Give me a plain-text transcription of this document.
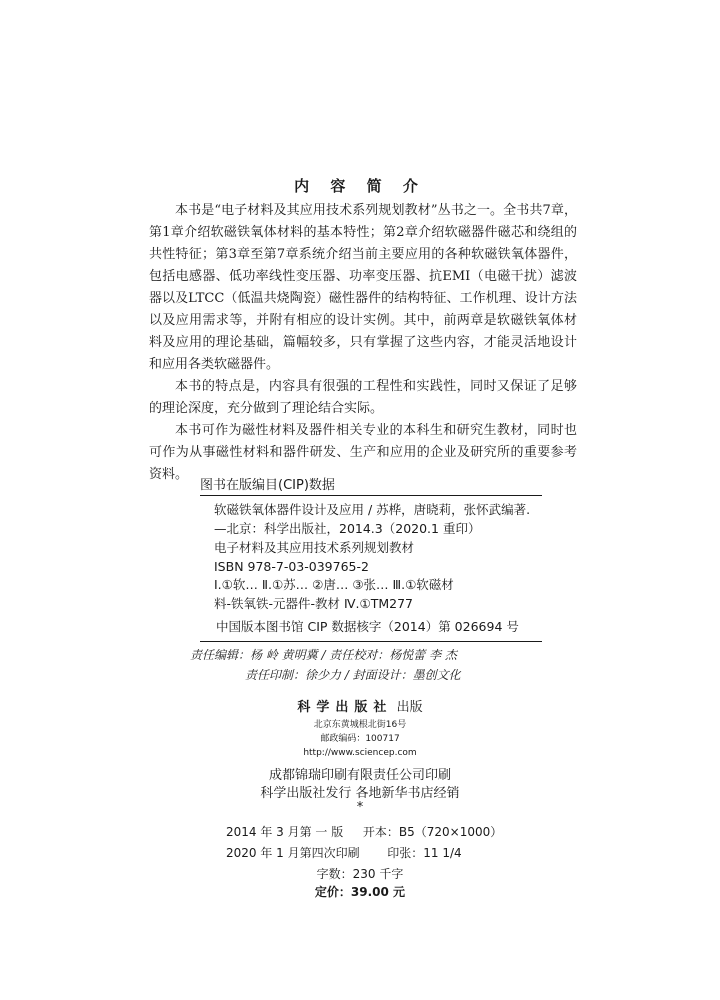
内 容 简 介

本书是“电子材料及其应用技术系列规划教材”丛书之一。全书共7章，第1章介绍软磁铁氧体材料的基本特性；第2章介绍软磁器件磁芯和绕组的共性特征；第3章至第7章系统介绍当前主要应用的各种软磁铁氧体器件，包括电感器、低功率线性变压器、功率变压器、抗EMI（电磁干扰）滤波器以及LTCC（低温共烧陶瓷）磁性器件的结构特征、工作机理、设计方法以及应用需求等，并附有相应的设计实例。其中，前两章是软磁铁氧体材料及应用的理论基础，篇幅较多，只有掌握了这些内容，才能灵活地设计和应用各类软磁器件。

本书的特点是，内容具有很强的工程性和实践性，同时又保证了足够的理论深度，充分做到了理论结合实际。

本书可作为磁性材料及器件相关专业的本科生和研究生教材，同时也可作为从事磁性材料和器件研发、生产和应用的企业及研究所的重要参考资料。

图书在版编目(CIP)数据
软磁铁氧体器件设计及应用 / 苏桦，唐晓莉，张怀武编著.
—北京：科学出版社，2014.3（2020.1 重印）
电子材料及其应用技术系列规划教材
ISBN 978-7-03-039765-2
Ⅰ.①软… Ⅱ.①苏… ②唐… ③张… Ⅲ.①软磁材
料-铁氧铁-元器件-教材 Ⅳ.①TM277
中国版本图书馆 CIP 数据核字（2014）第 026694 号
责任编辑：杨 岭 黄明冀 / 责任校对：杨悦蕾 李 杰
责任印制：徐少力 / 封面设计：墨创文化
科学出版社 出版
北京东黄城根北街16号
邮政编码：100717
http://www.sciencep.com
成都锦瑞印刷有限责任公司印刷
科学出版社发行 各地新华书店经销
*
2014 年 3 月第 一 版 开本：B5（720×1000）
2020 年 1 月第四次印刷 印张：11 1/4
字数：230 千字
定价：39.00 元
